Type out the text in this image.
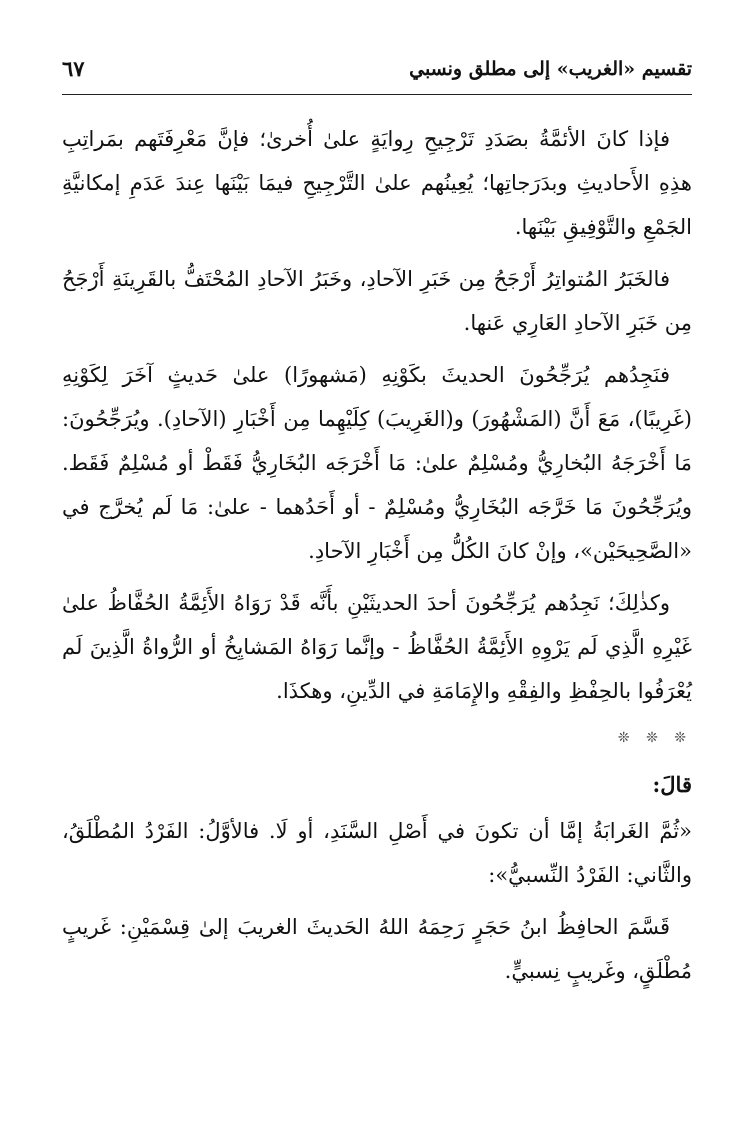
تقسيم «الغريب» إلى مطلق ونسبي
٦٧

فإذا كانَ الأئمَّةُ بصَدَدِ تَرْجِيحِ رِوايَةٍ علىٰ أُخرىٰ؛ فإنَّ مَعْرِفَتَهم بمَراتِبِ هذِهِ الأَحاديثِ وبدَرَجاتِها؛ يُعِينُهم علىٰ التَّرْجِيحِ فيمَا بَيْنَها عِندَ عَدَمِ إمكانيَّةِ الجَمْعِ والتَّوْفِيقِ بَيْنَها.

فالخَبَرُ المُتواتِرُ أَرْجَحُ مِن خَبَرِ الآحادِ، وخَبَرُ الآحادِ المُحْتَفُّ بالقَرِينَةِ أَرْجَحُ مِن خَبَرِ الآحادِ العَارِي عَنها.

فنَجِدُهم يُرَجِّحُونَ الحديثَ بكَوْنِهِ (مَشهورًا) علىٰ حَديثٍ آخَرَ لِكَوْنِهِ (غَرِيبًا)، مَعَ أَنَّ (المَشْهُورَ) و(الغَرِيبَ) كِلَيْهِما مِن أَخْبَارِ (الآحادِ). ويُرَجِّحُونَ: مَا أَخْرَجَهُ البُخارِيُّ ومُسْلِمٌ علىٰ: مَا أَخْرَجَه البُخَارِيُّ فَقَطْ أو مُسْلِمٌ فَقَط. ويُرَجِّحُونَ مَا خَرَّجَه البُخَارِيُّ ومُسْلِمٌ - أو أَحَدُهما - علىٰ: مَا لَم يُخرَّج في «الصَّحِيحَيْن»، وإنْ كانَ الكُلُّ مِن أَخْبَارِ الآحادِ.

وكذٰلِكَ؛ نَجِدُهم يُرَجِّحُونَ أحدَ الحديثَيْنِ بأَنَّه قَدْ رَوَاهُ الأَئِمَّةُ الحُفَّاظُ علىٰ غَيْرِهِ الَّذِي لَم يَرْوِهِ الأَئِمَّةُ الحُفَّاظُ - وإنَّما رَوَاهُ المَشايِخُ أو الرُّواةُ الَّذِينَ لَم يُعْرَفُوا بالحِفْظِ والفِقْهِ والإِمَامَةِ في الدِّينِ، وهكذَا.

❊ ❊ ❊
قالَ:

«ثُمَّ الغَرابَةُ إمَّا أن تكونَ في أَصْلِ السَّنَدِ، أو لَا. فالأوَّلُ: الفَرْدُ المُطْلَقُ، والثَّاني: الفَرْدُ النِّسبيُّ»:

قَسَّمَ الحافِظُ ابنُ حَجَرٍ رَحِمَهُ اللهُ الحَديثَ الغريبَ إلىٰ قِسْمَيْنِ: غَريبٍ مُطْلَقٍ، وغَريبٍ نِسبيٍّ.
